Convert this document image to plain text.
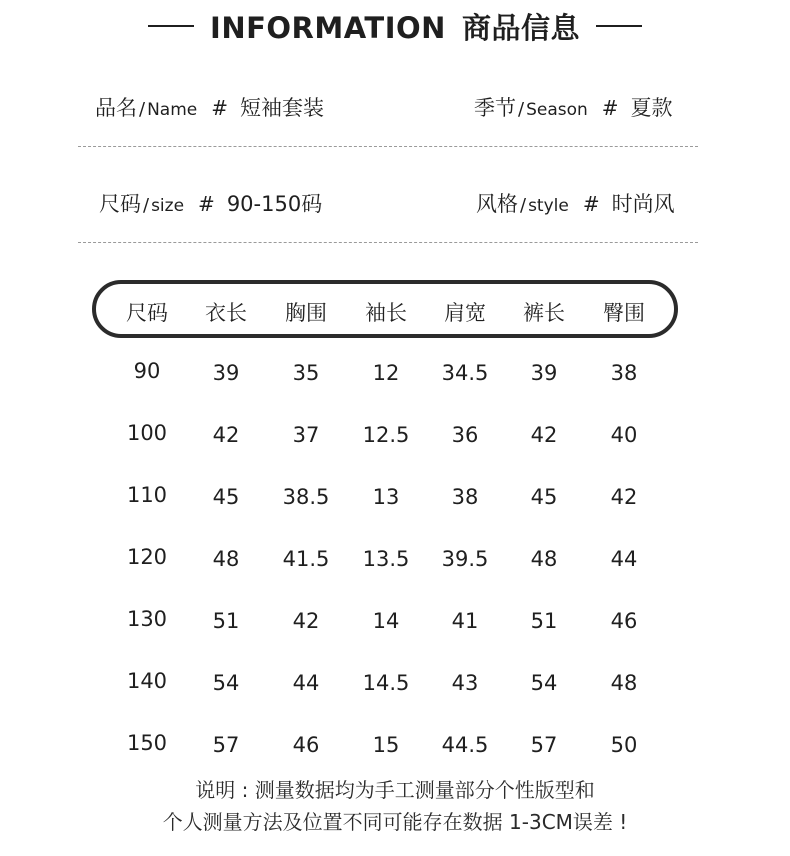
INFORMATION 商品信息
品名 / Name # 短袖套装	季节 / Season # 夏款
尺码 / size # 90-150码	风格 / style # 时尚风
尺码	衣长	胸围	袖长	肩宽	裤长	臀围
90	39	35	12	34.5	39	38
100	42	37	12.5	36	42	40
110	45	38.5	13	38	45	42
120	48	41.5	13.5	39.5	48	44
130	51	42	14	41	51	46
140	54	44	14.5	43	54	48
150	57	46	15	44.5	57	50
说明 : 测量数据均为手工测量部分个性版型和
个人测量方法及位置不同可能存在数据 1-3CM误差 !
